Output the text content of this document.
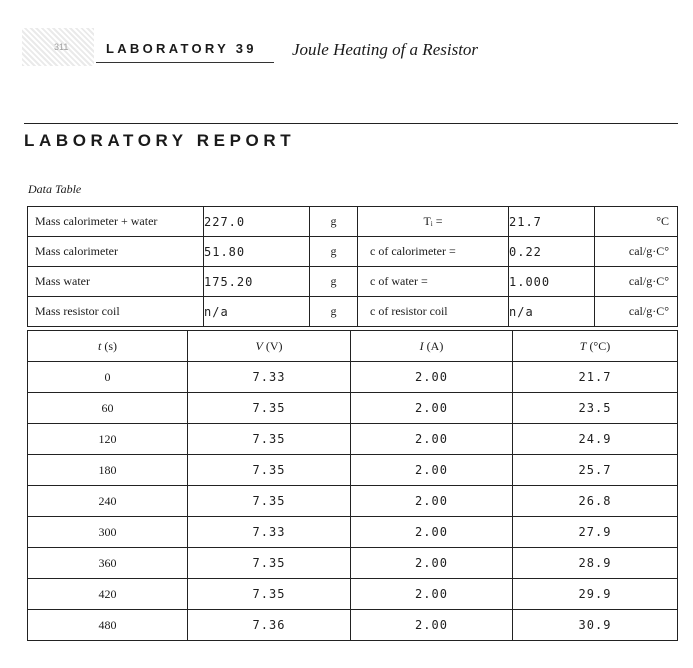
311	LABORATORY 39 Joule Heating of a Resistor
LABORATORY REPORT
Data Table
Mass calorimeter + water	227.0	g	Tᵢ =	21.7	°C
Mass calorimeter	51.80	g	c of calorimeter =	0.22	cal/g·C°
Mass water	175.20	g	c of water =	1.000	cal/g·C°
Mass resistor coil	n/a	g	c of resistor coil	n/a	cal/g·C°
t (s)	V (V)	I (A)	T (°C)
0	7.33	2.00	21.7
60	7.35	2.00	23.5
120	7.35	2.00	24.9
180	7.35	2.00	25.7
240	7.35	2.00	26.8
300	7.33	2.00	27.9
360	7.35	2.00	28.9
420	7.35	2.00	29.9
480	7.36	2.00	30.9
